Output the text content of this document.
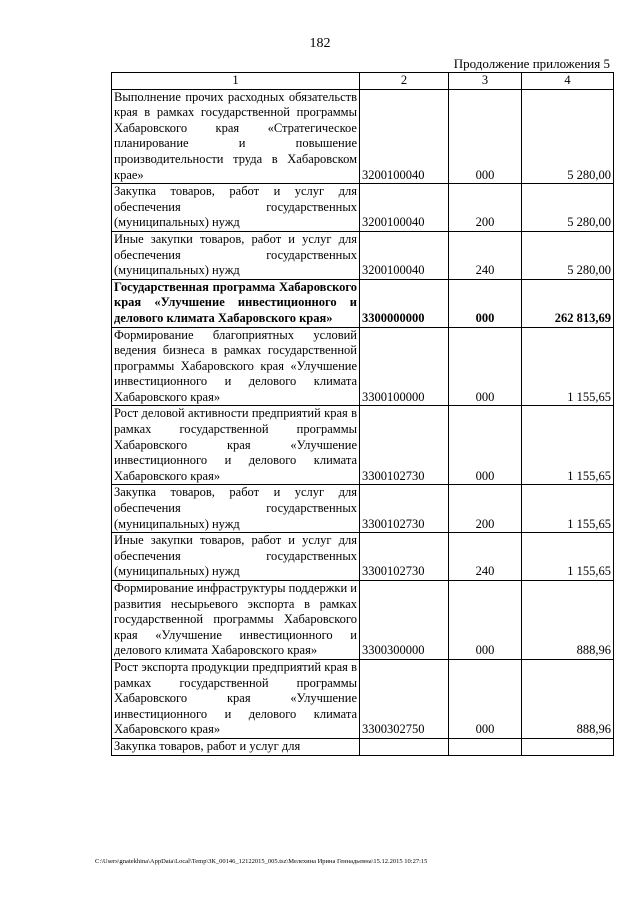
182
Продолжение приложения 5
1	2	3	4
Выполнение прочих расходных обязательств края в рамках государственной программы Хабаровского края «Стратегическое планирование и повышение производительности труда в Хабаровском крае»	3200100040	000	5 280,00
Закупка товаров, работ и услуг для обеспечения государственных (муниципальных) нужд	3200100040	200	5 280,00
Иные закупки товаров, работ и услуг для обеспечения государственных (муниципальных) нужд	3200100040	240	5 280,00
Государственная программа Хабаровского края «Улучшение инвестиционного и делового климата Хабаровского края»	3300000000	000	262 813,69
Формирование благоприятных условий ведения бизнеса в рамках государственной программы Хабаровского края «Улучшение инвестиционного и делового климата Хабаровского края»	3300100000	000	1 155,65
Рост деловой активности предприятий края в рамках государственной программы Хабаровского края «Улучшение инвестиционного и делового климата Хабаровского края»	3300102730	000	1 155,65
Закупка товаров, работ и услуг для обеспечения государственных (муниципальных) нужд	3300102730	200	1 155,65
Иные закупки товаров, работ и услуг для обеспечения государственных (муниципальных) нужд	3300102730	240	1 155,65
Формирование инфраструктуры поддержки и развития несырьевого экспорта в рамках государственной программы Хабаровского края «Улучшение инвестиционного и делового климата Хабаровского края»	3300300000	000	888,96
Рост экспорта продукции предприятий края в рамках государственной программы Хабаровского края «Улучшение инвестиционного и делового климата Хабаровского края»	3300302750	000	888,96
Закупка товаров, работ и услуг для			
C:\Users\gnatekhina\AppData\Local\Temp\ЗК_00146_12122015_005.tsz\Мелехина Ирина Геннадьевна\15.12.2015 10:27:15
